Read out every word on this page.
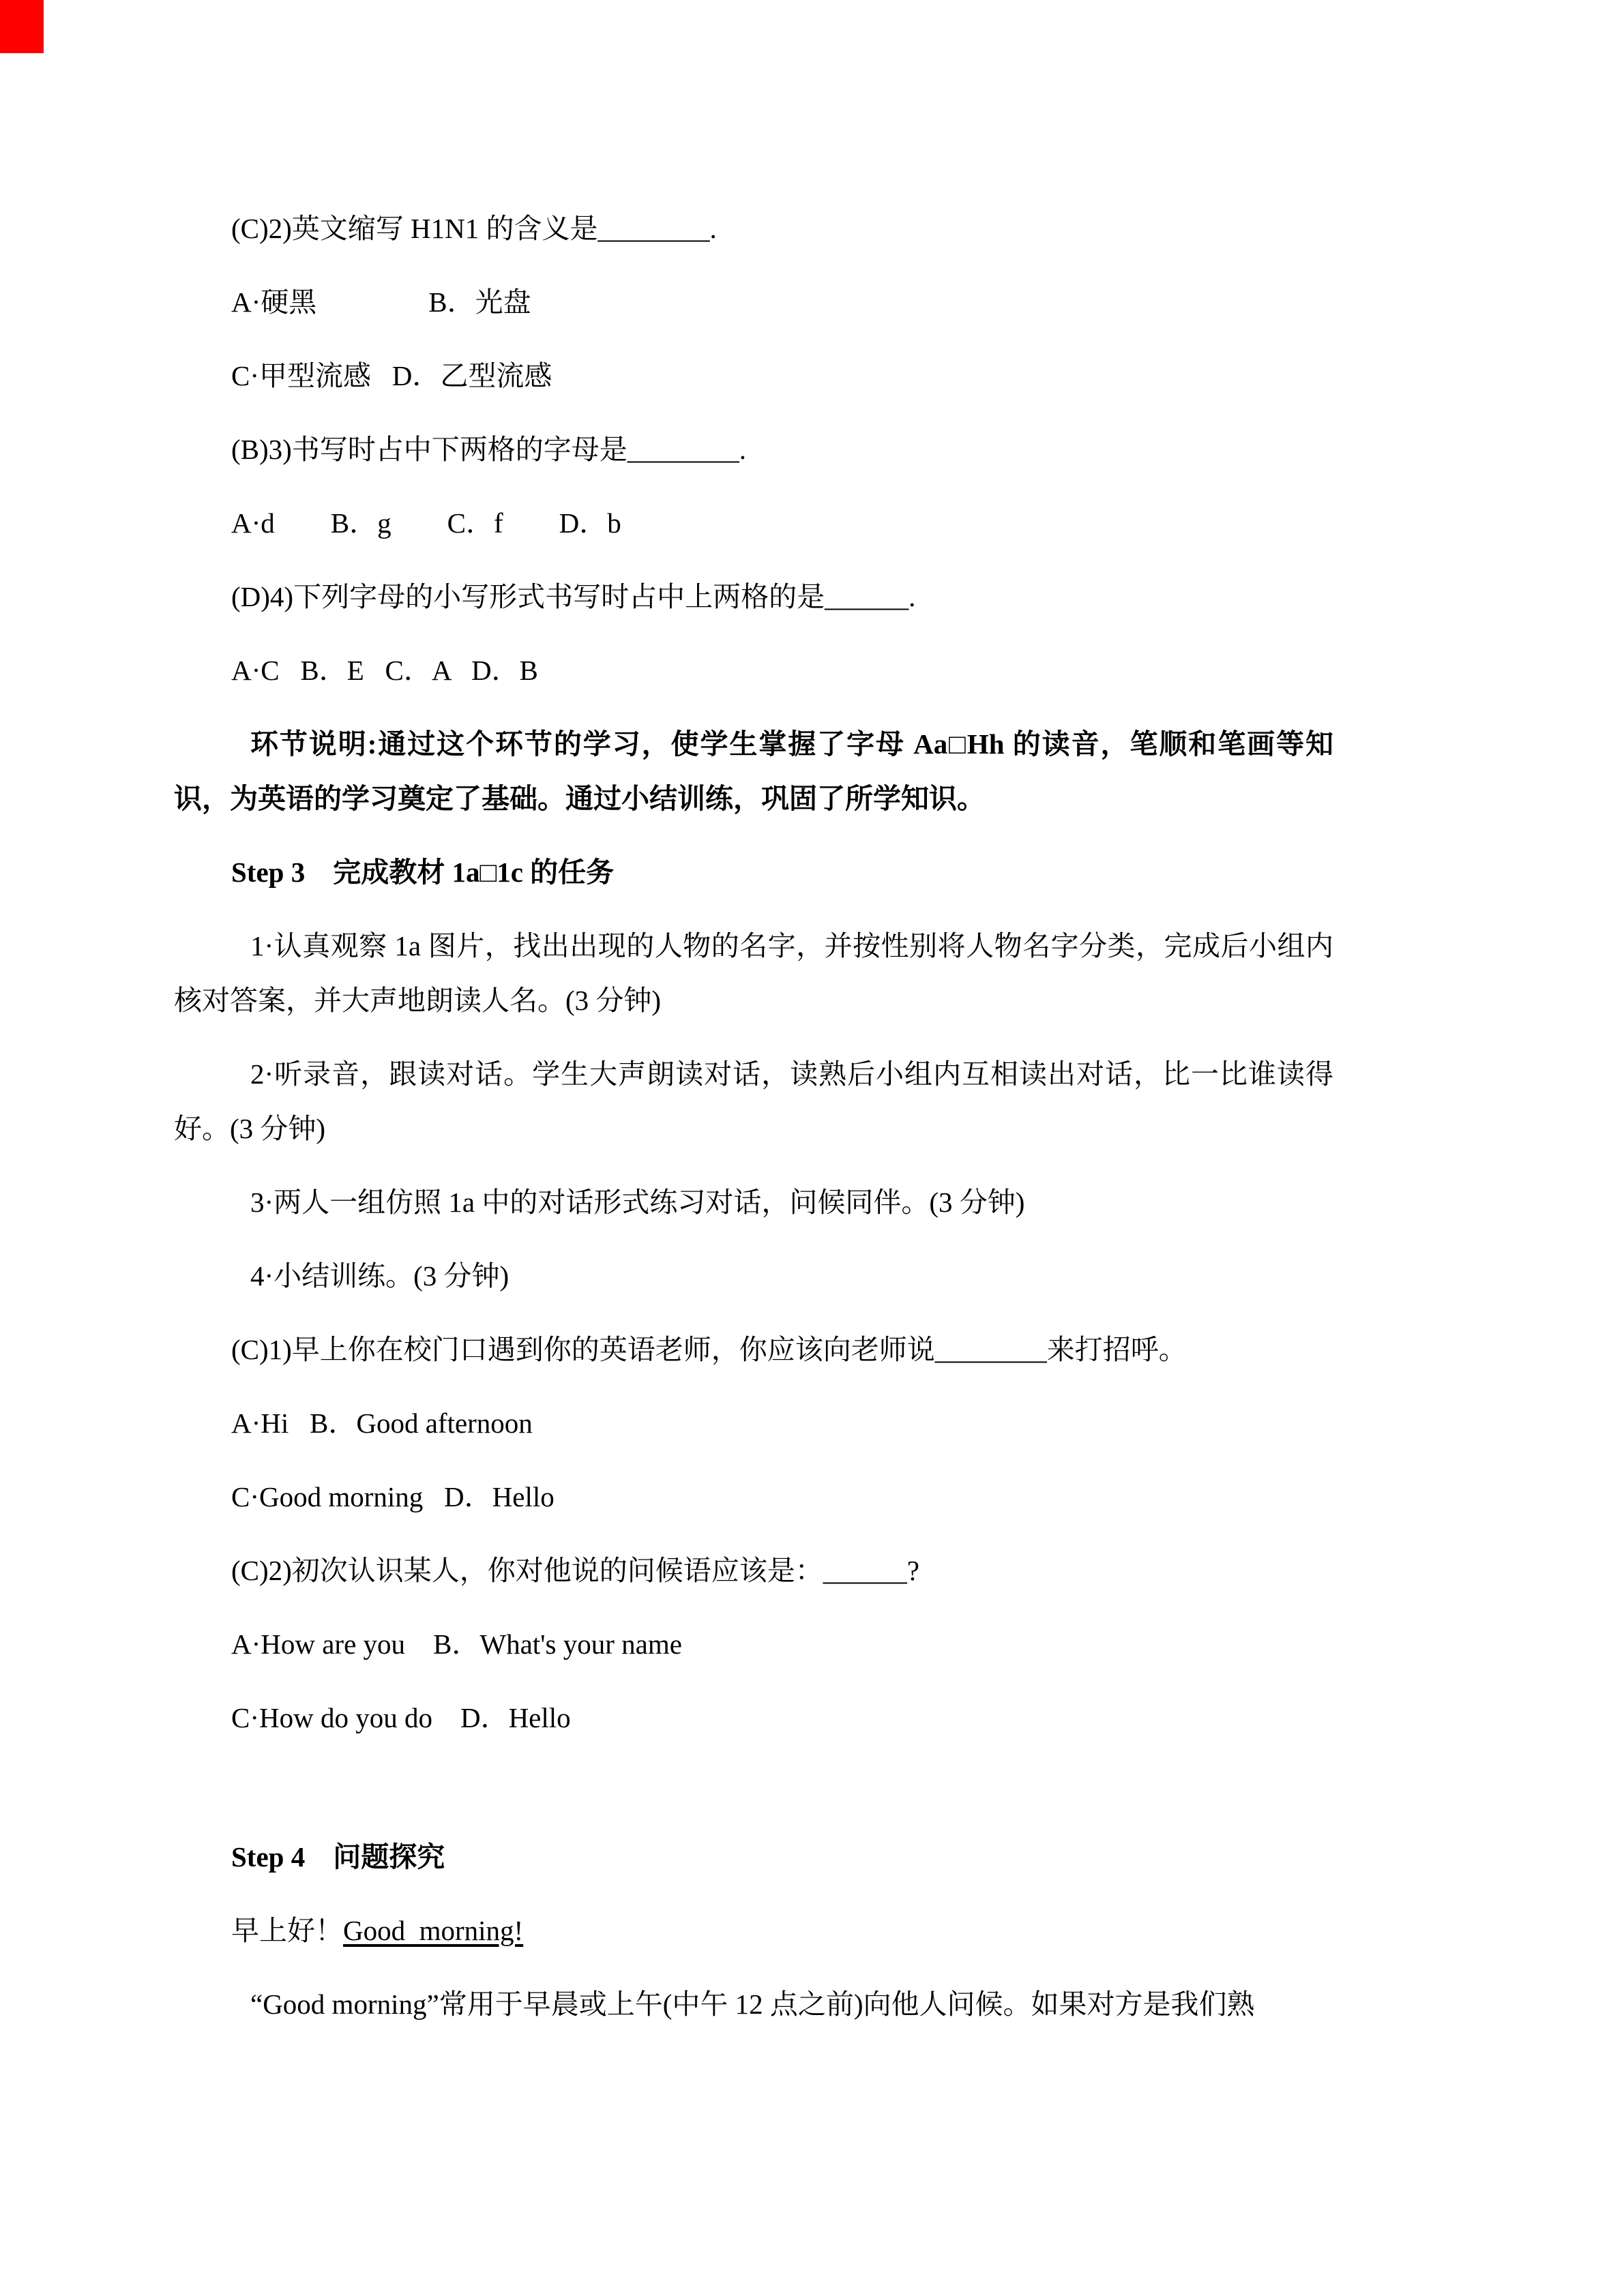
(C)2)英文缩写 H1N1 的含义是________.

A·硬黑                B．光盘

C·甲型流感   D．乙型流感

(B)3)书写时占中下两格的字母是________.

A·d        B．g        C．f        D．b

(D)4)下列字母的小写形式书写时占中上两格的是______.

A·C   B．E   C．A   D．B

环节说明:通过这个环节的学习，使学生掌握了字母 Aa□Hh 的读音，笔顺和笔画等知识，为英语的学习奠定了基础。通过小结训练，巩固了所学知识。

Step 3　完成教材 1a□1c 的任务

1·认真观察 1a 图片，找出出现的人物的名字，并按性别将人物名字分类，完成后小组内核对答案，并大声地朗读人名。(3 分钟)

2·听录音，跟读对话。学生大声朗读对话，读熟后小组内互相读出对话，比一比谁读得好。(3 分钟)

3·两人一组仿照 1a 中的对话形式练习对话，问候同伴。(3 分钟)

4·小结训练。(3 分钟)

(C)1)早上你在校门口遇到你的英语老师，你应该向老师说________来打招呼。

A·Hi   B．Good afternoon

C·Good morning   D．Hello

(C)2)初次认识某人，你对他说的问候语应该是：______?

A·How are you    B．What's your name

C·How do you do    D．Hello

Step 4　问题探究

早上好！Good  morning!

“Good morning”常用于早晨或上午(中午 12 点之前)向他人问候。如果对方是我们熟
